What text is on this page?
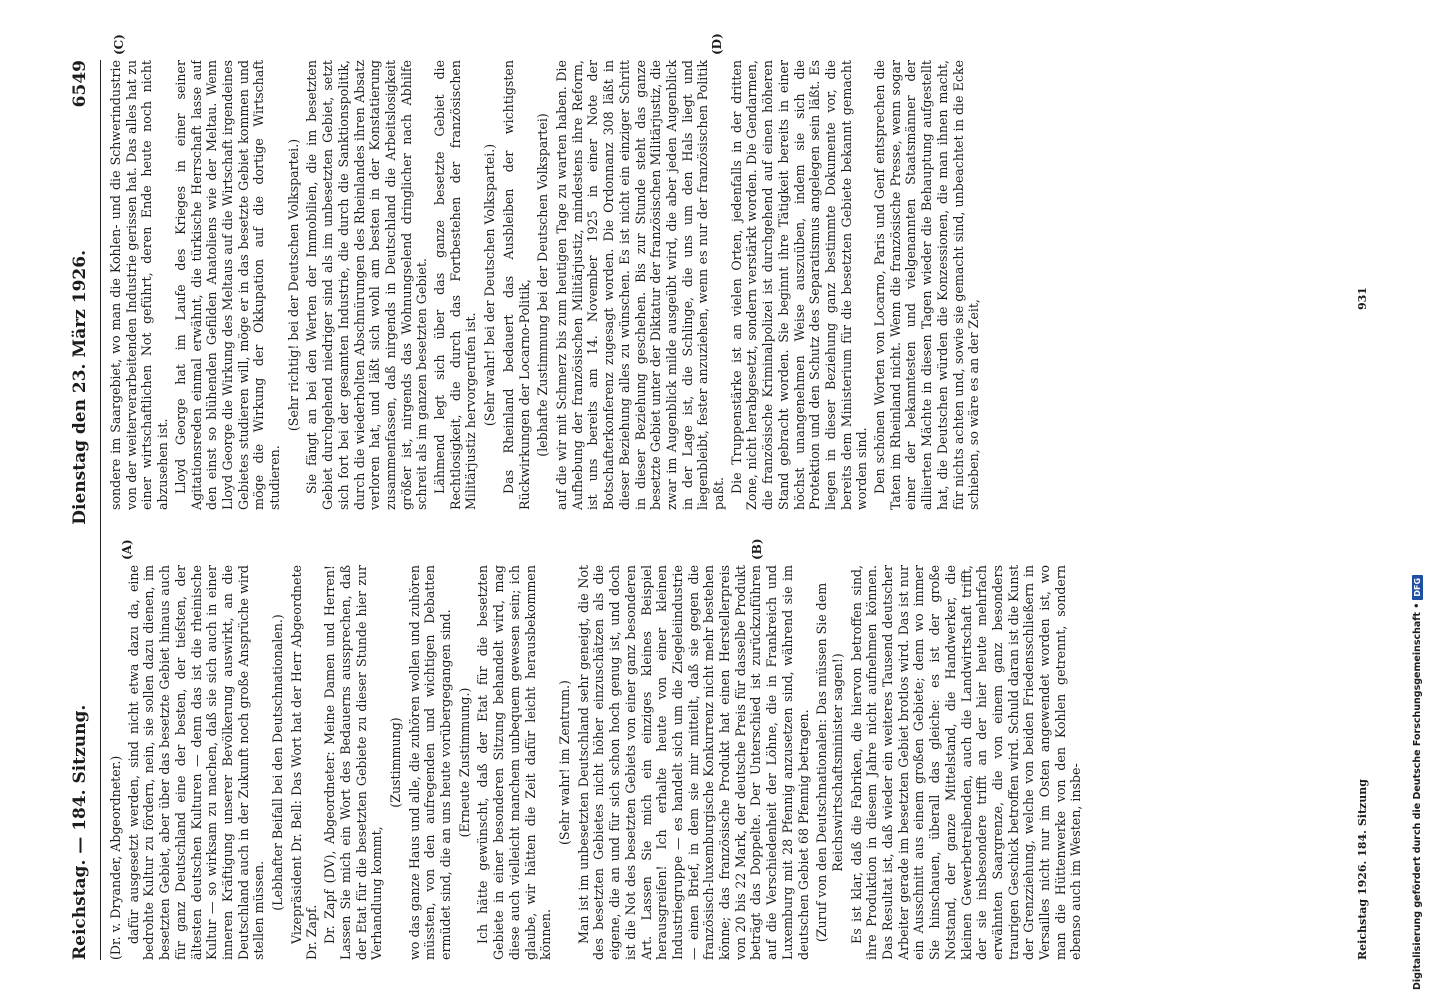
Reichstag. — 184. Sitzung.
Dienstag den 23. März 1926.
6549

(Dr. v. Dryander, Abgeordneter.) dafür ausgesetzt werden, sind nicht etwa dazu da, eine bedrohte Kultur zu fördern, nein, sie sollen dazu dienen, im besetzten Gebiet, aber über das besetzte Gebiet hinaus auch für ganz Deutschland eine der besten, der tiefsten, der ältesten deutschen Kulturen — denn das ist die rheinische Kultur — so wirksam zu machen, daß sie sich auch in einer inneren Kräftigung unserer Bevölkerung auswirkt, an die Deutschland auch in der Zukunft noch große Ansprüche wird stellen müssen. (Lebhafter Beifall bei den Deutschnationalen.) Vizepräsident Dr. Bell: Das Wort hat der Herr Abgeordnete Dr. Zapf. Dr. Zapf (DV), Abgeordneter: Meine Damen und Herren! Lassen Sie mich ein Wort des Bedauerns aussprechen, daß der Etat für die besetzten Gebiete zu dieser Stunde hier zur Verhandlung kommt,

(Zustimmung) wo das ganze Haus und alle, die zuhören wollen und zuhören müssten, von den aufregenden und wichtigen Debatten ermüdet sind, die an uns heute vorübergegangen sind. (Erneute Zustimmung.) Ich hätte gewünscht, daß der Etat für die besetzten Gebiete in einer besonderen Sitzung behandelt wird, mag diese auch vielleicht manchem unbequem gewesen sein; ich glaube, wir hätten die Zeit dafür leicht herausbekommen können.

(Sehr wahr! im Zentrum.) Man ist im unbesetzten Deutschland sehr geneigt, die Not des besetzten Gebietes nicht höher einzuschätzen als die eigene, die an und für sich schon hoch genug ist, und doch ist die Not des besetzten Gebiets von einer ganz besonderen Art. Lassen Sie mich ein einziges kleines Beispiel herausgreifen! Ich erhalte heute von einer kleinen Industriegruppe — es handelt sich um die Ziegeleiindustrie — einen Brief, in dem sie mir mitteilt, daß sie gegen die französisch-luxemburgische Konkurrenz nicht mehr bestehen könne; das französische Produkt hat einen Herstellerpreis von 20 bis 22 Mark, der deutsche Preis für dasselbe Produkt beträgt das Doppelte. Der Unterschied ist zurückzuführen auf die Verschiedenheit der Löhne, die in Frankreich und Luxemburg mit 28 Pfennig anzusetzen sind, während sie im deutschen Gebiet 68 Pfennig betragen. (Zuruf von den Deutschnationalen: Das müssen Sie dem Reichswirtschaftsminister sagen!) Es ist klar, daß die Fabriken, die hiervon betroffen sind, ihre Produktion in diesem Jahre nicht aufnehmen können. Das Resultat ist, daß wieder ein weiteres Tausend deutscher Arbeiter gerade im besetzten Gebiet brotlos wird. Das ist nur ein Ausschnitt aus einem großen Gebiete; denn wo immer Sie hinschauen, überall das gleiche: es ist der große Notstand, der ganze Mittelstand, die Handwerker, die kleinen Gewerbetreibenden, auch die Landwirtschaft trifft, der sie insbesondere trifft an der hier heute mehrfach erwähnten Saargrenze, die von einem ganz besonders traurigen Geschick betroffen wird. Schuld daran ist die Kunst der Grenzziehung, welche von beiden Friedensschließern in Versailles nicht nur im Osten angewendet worden ist, wo man die Hüttenwerke von den Kohlen getrennt, sondern ebenso auch im Westen, insbe-

sondere im Saargebiet, wo man die Kohlen- und die Schwerindustrie von der weiterverarbeitenden Industrie gerissen hat. Das alles hat zu einer wirtschaftlichen Not geführt, deren Ende heute noch nicht abzusehen ist. Lloyd George hat im Laufe des Krieges in einer seiner Agitationsreden einmal erwähnt, die türkische Herrschaft lasse auf den einst so blühenden Gefilden Anatoliens wie der Meltau. Wenn Lloyd George die Wirkung des Meltaus auf die Wirtschaft irgendeines Gebietes studieren will, möge er in das besetzte Gebiet kommen und möge die Wirkung der Okkupation auf die dortige Wirtschaft studieren.

(Sehr richtig! bei der Deutschen Volkspartei.) Sie fängt an bei den Werten der Immobilien, die im besetzten Gebiet durchgehend niedriger sind als im unbesetzten Gebiet, setzt sich fort bei der gesamten Industrie, die durch die Sanktionspolitik, durch die wiederholten Abschnürungen des Rheinlandes ihren Absatz verloren hat, und läßt sich wohl am besten in der Konstatierung zusammenfassen, daß nirgends in Deutschland die Arbeitslosigkeit größer ist, nirgends das Wohnungselend dringlicher nach Abhilfe schreit als im ganzen besetzten Gebiet. Lähmend legt sich über das ganze besetzte Gebiet die Rechtlosigkeit, die durch das Fortbestehen der französischen Militärjustiz hervorgerufen ist. (Sehr wahr! bei der Deutschen Volkspartei.) Das Rheinland bedauert das Ausbleiben der wichtigsten Rückwirkungen der Locarno-Politik, (lebhafte Zustimmung bei der Deutschen Volkspartei) auf die wir mit Schmerz bis zum heutigen Tage zu warten haben. Die Aufhebung der französischen Militärjustiz, mindestens ihre Reform, ist uns bereits am 14. November 1925 in einer Note der Botschafterkonferenz zugesagt worden. Die Ordonnanz 308 läßt in dieser Beziehung alles zu wünschen. Es ist nicht ein einziger Schritt in dieser Beziehung geschehen. Bis zur Stunde steht das ganze besetzte Gebiet unter der Diktatur der französischen Militärjustiz, die zwar im Augenblick milde ausgeübt wird, die aber jeden Augenblick in der Lage ist, die Schlinge, die uns um den Hals liegt und liegenbleibt, fester anzuziehen, wenn es nur der französischen Politik paßt. Die Truppenstärke ist an vielen Orten, jedenfalls in der dritten Zone, nicht herabgesetzt, sondern verstärkt worden. Die Gendarmen, die französische Kriminalpolizei ist durchgehend auf einen höheren Stand gebracht worden. Sie beginnt ihre Tätigkeit bereits in einer höchst unangenehmen Weise auszuüben, indem sie sich die Protektion und den Schutz des Separatismus angelegen sein läßt. Es liegen in dieser Beziehung ganz bestimmte Dokumente vor, die bereits dem Ministerium für die besetzten Gebiete bekannt gemacht worden sind. Den schönen Worten von Locarno, Paris und Genf entsprechen die Taten im Rheinland nicht. Wenn die französische Presse, wenn sogar einer der bekanntesten und vielgenannten Staatsmänner der alliierten Mächte in diesen Tagen wieder die Behauptung aufgestellt hat, die Deutschen würden die Konzessionen, die man ihnen macht, für nichts achten und, sowie sie gemacht sind, unbeachtet in die Ecke schieben, so wäre es an der Zeit,

(A)	(B)
(C)	(D)
Reichstag 1926. 184. Sitzung
931
Digitalisierung gefördert durch die Deutsche Forschungsgemeinschaft •
DFG
